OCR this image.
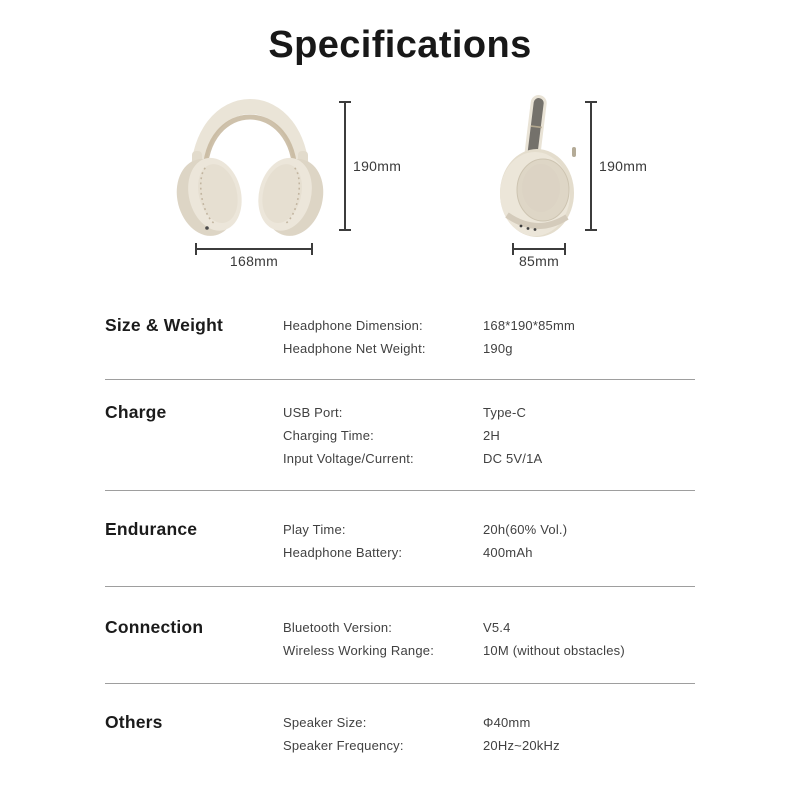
Specifications
190mm	190mm
168mm	85mm
Size & Weight	Headphone Dimension:	168*190*85mm
Headphone Net Weight:	190g
Charge	USB Port:	Type-C
Charging Time:	2H
Input Voltage/Current:	DC 5V/1A
Endurance	Play Time:	20h(60% Vol.)
Headphone Battery:	400mAh
Connection	Bluetooth Version:	V5.4
Wireless Working Range:	10M (without obstacles)
Others	Speaker Size:	Φ40mm
Speaker Frequency:	20Hz~20kHz
